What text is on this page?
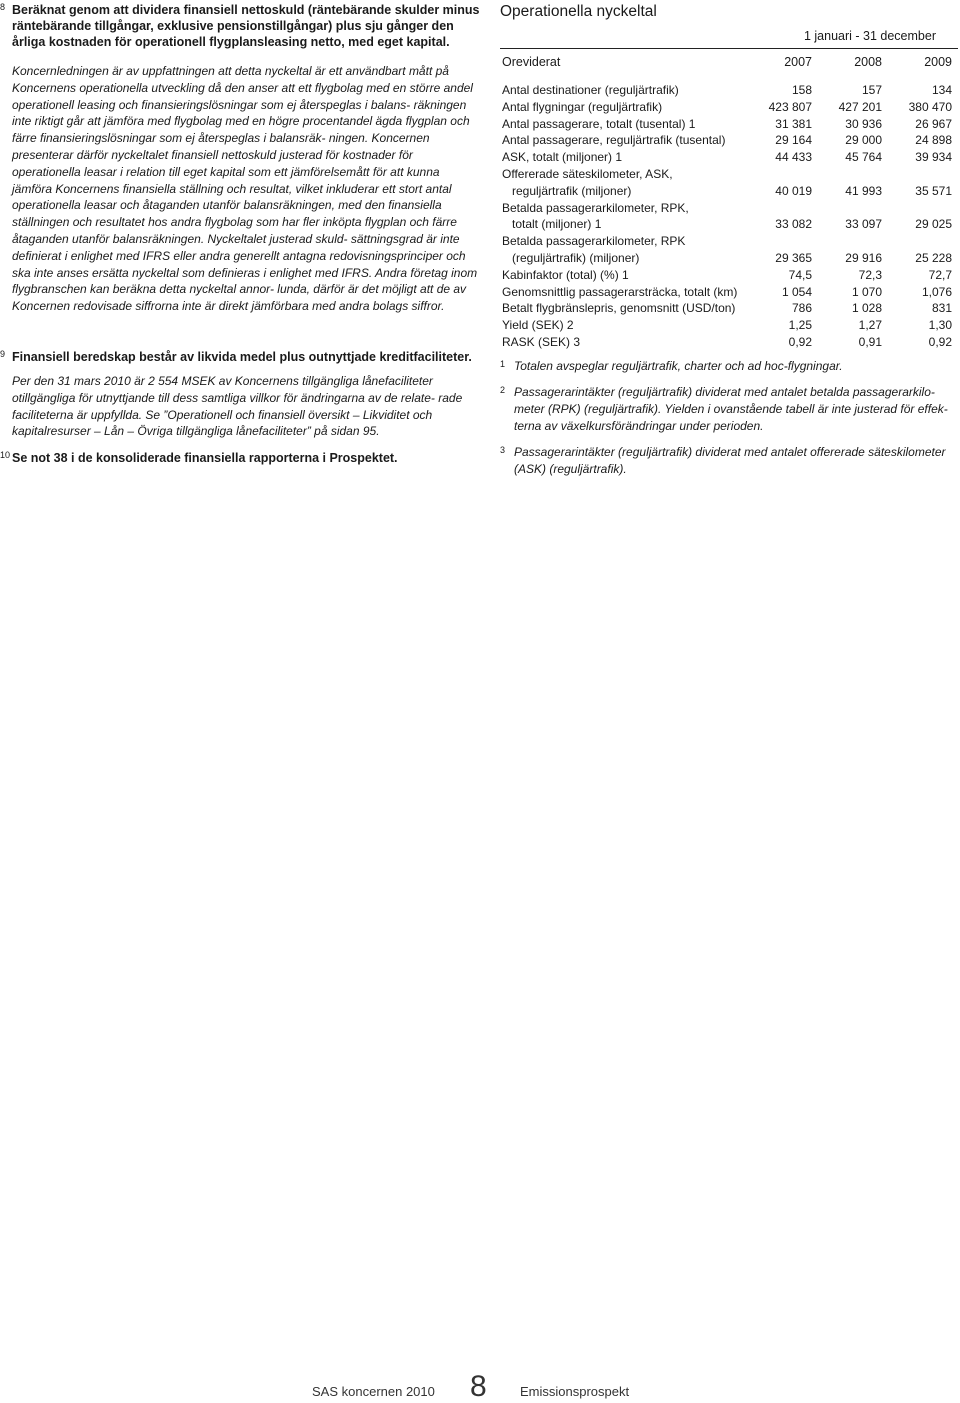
8 Beräknat genom att dividera finansiell nettoskuld (räntebärande skulder minus räntebärande tillgångar, exklusive pensionstillgångar) plus sju gånger den årliga kostnaden för operationell flygplansleasing netto, med eget kapital.

Koncernledningen är av uppfattningen att detta nyckeltal är ett användbart mått på Koncernens operationella utveckling då den anser att ett flygbolag med en större andel operationell leasing och finansieringslösningar som ej återspeglas i balans- räkningen inte riktigt går att jämföra med flygbolag med en högre procentandel ägda flygplan och färre finansieringslösningar som ej återspeglas i balansräk- ningen. Koncernen presenterar därför nyckeltalet finansiell nettoskuld justerad för kostnader för operationella leasar i relation till eget kapital som ett jämförelsemått för att kunna jämföra Koncernens finansiella ställning och resultat, vilket inkluderar ett stort antal operationella leasar och åtaganden utanför balansräkningen, med den finansiella ställningen och resultatet hos andra flygbolag som har fler inköpta flygplan och färre åtaganden utanför balansräkningen. Nyckeltalet justerad skuld- sättningsgrad är inte definierat i enlighet med IFRS eller andra generellt antagna redovisningsprinciper och ska inte anses ersätta nyckeltal som definieras i enlighet med IFRS. Andra företag inom flygbranschen kan beräkna detta nyckeltal annor- lunda, därför är det möjligt att de av Koncernen redovisade siffrorna inte är direkt jämförbara med andra bolags siffror.

9 Finansiell beredskap består av likvida medel plus outnyttjade kreditfaciliteter.

Per den 31 mars 2010 är 2 554 MSEK av Koncernens tillgängliga lånefaciliteter otillgängliga för utnyttjande till dess samtliga villkor för ändringarna av de relate- rade faciliteterna är uppfyllda. Se ”Operationell och finansiell översikt – Likviditet och kapitalresurser – Lån – Övriga tillgängliga lånefaciliteter” på sidan 95.

10 Se not 38 i de konsoliderade finansiella rapporterna i Prospektet.

Operationella nyckeltal
1 januari - 31 december
Oreviderat	2007	2008	2009
Antal destinationer (reguljärtrafik)	158	157	134
Antal flygningar (reguljärtrafik)	423 807	427 201	380 470
Antal passagerare, totalt (tusental) 1	31 381	30 936	26 967
Antal passagerare, reguljärtrafik (tusental)	29 164	29 000	24 898
ASK, totalt (miljoner) 1	44 433	45 764	39 934
Offererade säteskilometer, ASK,
reguljärtrafik (miljoner)	40 019	41 993	35 571
Betalda passagerarkilometer, RPK,
totalt (miljoner) 1	33 082	33 097	29 025
Betalda passagerarkilometer, RPK
(reguljärtrafik) (miljoner)	29 365	29 916	25 228
Kabinfaktor (total) (%) 1	74,5	72,3	72,7
Genomsnittlig passagerarsträcka, totalt (km)	1 054	1 070	1,076
Betalt flygbränslepris, genomsnitt (USD/ton)	786	1 028	831
Yield (SEK) 2	1,25	1,27	1,30
RASK (SEK) 3	0,92	0,91	0,92

1 Totalen avspeglar reguljärtrafik, charter och ad hoc-flygningar.

2 Passagerarintäkter (reguljärtrafik) dividerat med antalet betalda passagerarkilo- meter (RPK) (reguljärtrafik). Yielden i ovanstående tabell är inte justerad för effek- terna av växelkursförändringar under perioden.

3 Passagerarintäkter (reguljärtrafik) dividerat med antalet offererade säteskilometer (ASK) (reguljärtrafik).

SAS koncernen 2010 8	Emissionsprospekt
